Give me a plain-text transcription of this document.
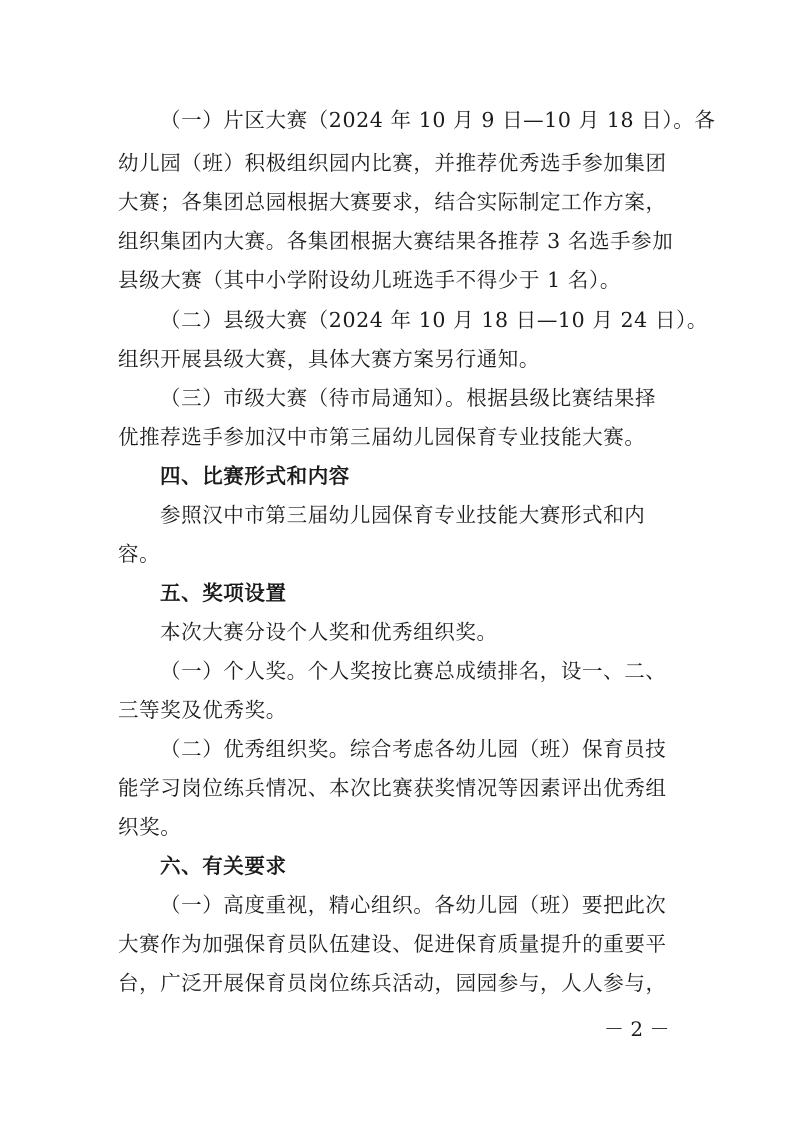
（一）片区大赛（2024 年 10 月 9 日—10 月 18 日）。各
幼儿园（班）积极组织园内比赛，并推荐优秀选手参加集团
大赛；各集团总园根据大赛要求，结合实际制定工作方案，
组织集团内大赛。各集团根据大赛结果各推荐 3 名选手参加
县级大赛（其中小学附设幼儿班选手不得少于 1 名）。
（二）县级大赛（2024 年 10 月 18 日—10 月 24 日）。
组织开展县级大赛，具体大赛方案另行通知。
（三）市级大赛（待市局通知）。根据县级比赛结果择
优推荐选手参加汉中市第三届幼儿园保育专业技能大赛。
四、比赛形式和内容
参照汉中市第三届幼儿园保育专业技能大赛形式和内
容。
五、奖项设置
本次大赛分设个人奖和优秀组织奖。
（一）个人奖。个人奖按比赛总成绩排名，设一、二、
三等奖及优秀奖。
（二）优秀组织奖。综合考虑各幼儿园（班）保育员技
能学习岗位练兵情况、本次比赛获奖情况等因素评出优秀组
织奖。
六、有关要求
（一）高度重视，精心组织。各幼儿园（班）要把此次
大赛作为加强保育员队伍建设、促进保育质量提升的重要平
台，广泛开展保育员岗位练兵活动，园园参与，人人参与，
－ 2 －
